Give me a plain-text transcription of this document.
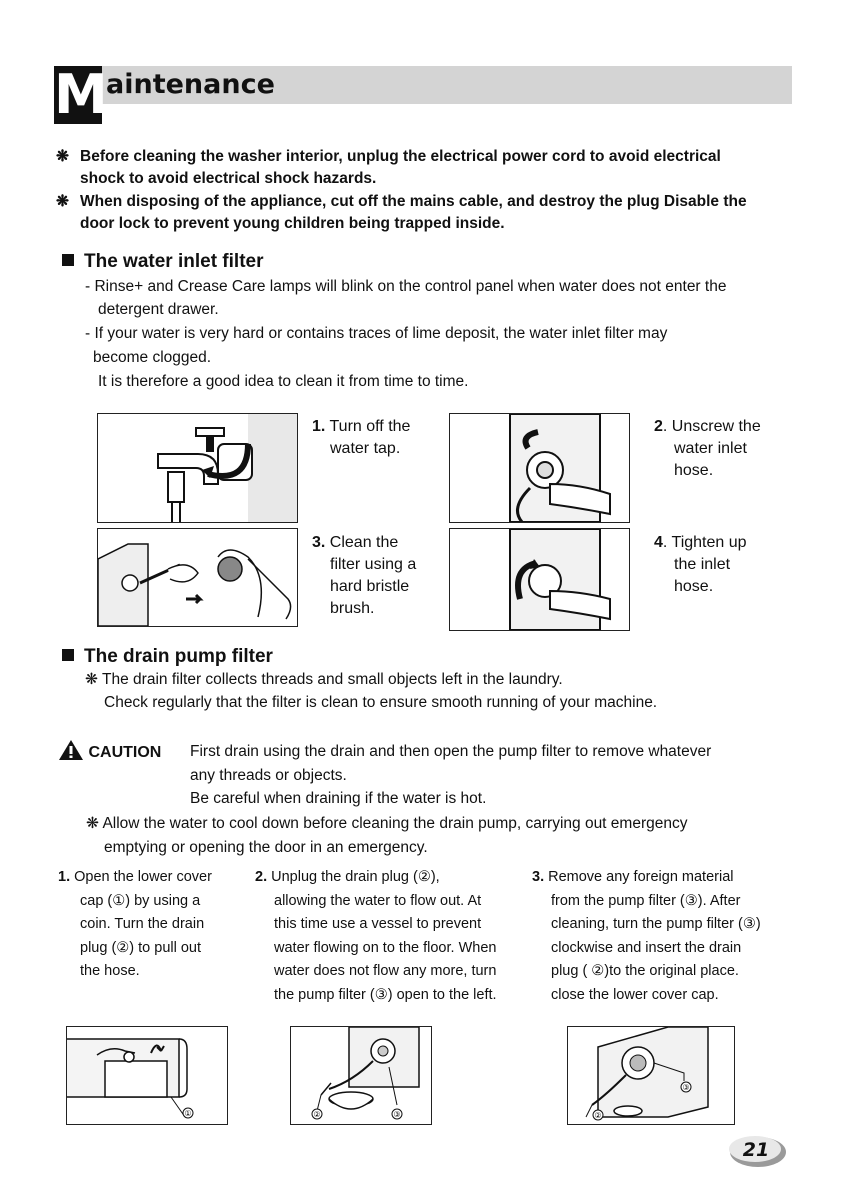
M
aintenance
❋ Before cleaning the washer interior, unplug the electrical power cord to avoid electrical
shock to avoid electrical shock hazards.
❋ When disposing of the appliance, cut off the mains cable, and destroy the plug Disable the
door lock to prevent young children being trapped inside.
The water inlet filter
- Rinse+ and Crease Care lamps will blink on the control panel when water does not enter the
detergent drawer.
- If your water is very hard or contains traces of lime deposit, the water inlet filter may
become clogged.
It is therefore a good idea to clean it from time to time.
1. Turn off the
water tap.
2. Unscrew the
water inlet
hose.
3. Clean the
filter using a
hard bristle
brush.
4. Tighten up
the inlet
hose.
The drain pump filter
❋ The drain filter collects threads and small objects left in the laundry.
Check regularly that the filter is clean to ensure smooth running of your machine.
CAUTION First drain using the drain and then open the pump filter to remove whatever
any threads or objects.
Be careful when draining if the water is hot.
❋ Allow the water to cool down before cleaning the drain pump, carrying out emergency
emptying or opening the door in an emergency.
1. Open the lower cover
cap (①) by using a
coin. Turn the drain
plug (②) to pull out
the hose.
2. Unplug the drain plug (②),
allowing the water to flow out. At
this time use a vessel to prevent
water flowing on to the floor. When
water does not flow any more, turn
the pump filter (③) open to the left.
3. Remove any foreign material
from the pump filter (③). After
cleaning, turn the pump filter (③)
clockwise and insert the drain
plug ( ②)to the original place.
close the lower cover cap.
①	②	③
③
②
21
